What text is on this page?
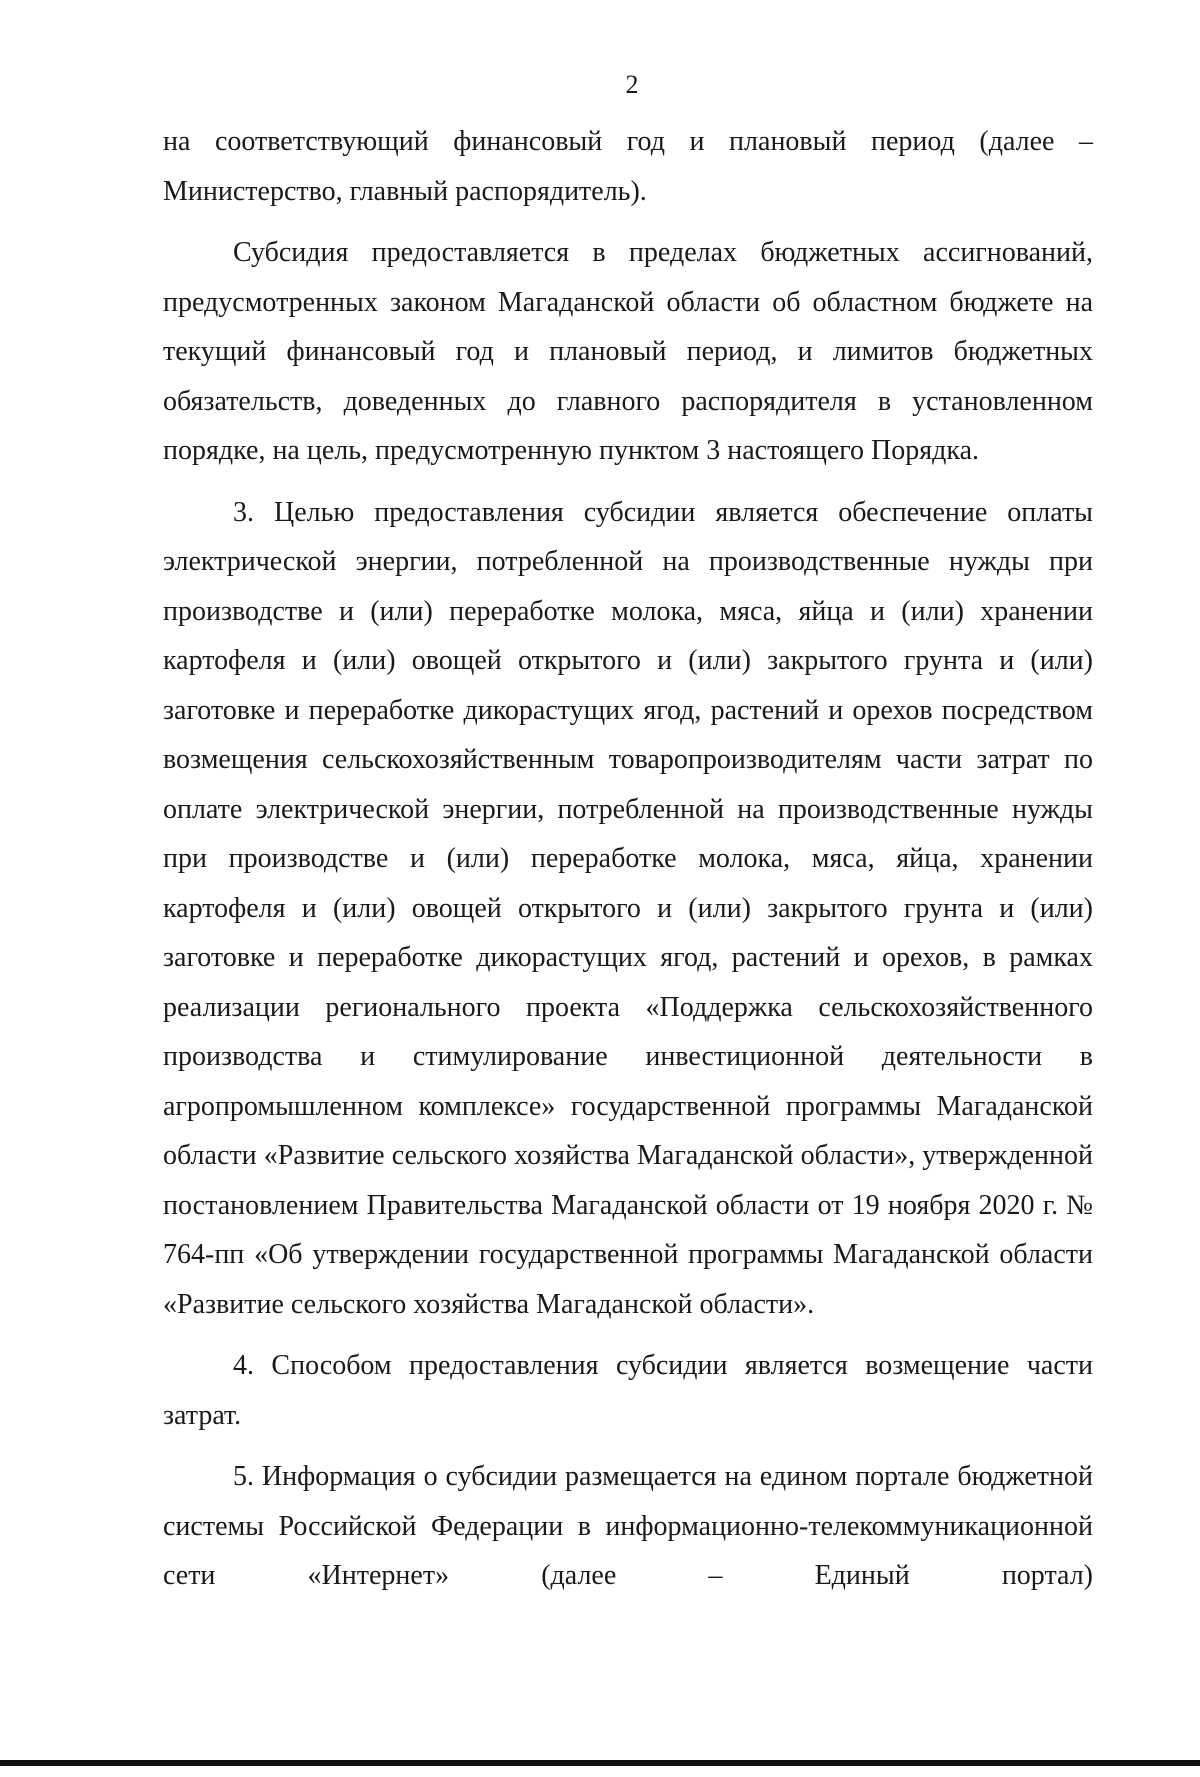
2

на соответствующий финансовый год и плановый период (далее – Министерство, главный распорядитель).

Субсидия предоставляется в пределах бюджетных ассигнований, предусмотренных законом Магаданской области об областном бюджете на текущий финансовый год и плановый период, и лимитов бюджетных обязательств, доведенных до главного распорядителя в установленном порядке, на цель, предусмотренную пунктом 3 настоящего Порядка.

3. Целью предоставления субсидии является обеспечение оплаты электрической энергии, потребленной на производственные нужды при производстве и (или) переработке молока, мяса, яйца и (или) хранении картофеля и (или) овощей открытого и (или) закрытого грунта и (или) заготовке и переработке дикорастущих ягод, растений и орехов посредством возмещения сельскохозяйственным товаропроизводителям части затрат по оплате электрической энергии, потребленной на производственные нужды при производстве и (или) переработке молока, мяса, яйца, хранении картофеля и (или) овощей открытого и (или) закрытого грунта и (или) заготовке и переработке дикорастущих ягод, растений и орехов, в рамках реализации регионального проекта «Поддержка сельскохозяйственного производства и стимулирование инвестиционной деятельности в агропромышленном комплексе» государственной программы Магаданской области «Развитие сельского хозяйства Магаданской области», утвержденной постановлением Правительства Магаданской области от 19 ноября 2020 г. № 764-пп «Об утверждении государственной программы Магаданской области «Развитие сельского хозяйства Магаданской области».

4. Способом предоставления субсидии является возмещение части затрат.

5. Информация о субсидии размещается на едином портале бюджетной системы Российской Федерации в информационно-телекоммуникационной сети «Интернет» (далее – Единый портал)
